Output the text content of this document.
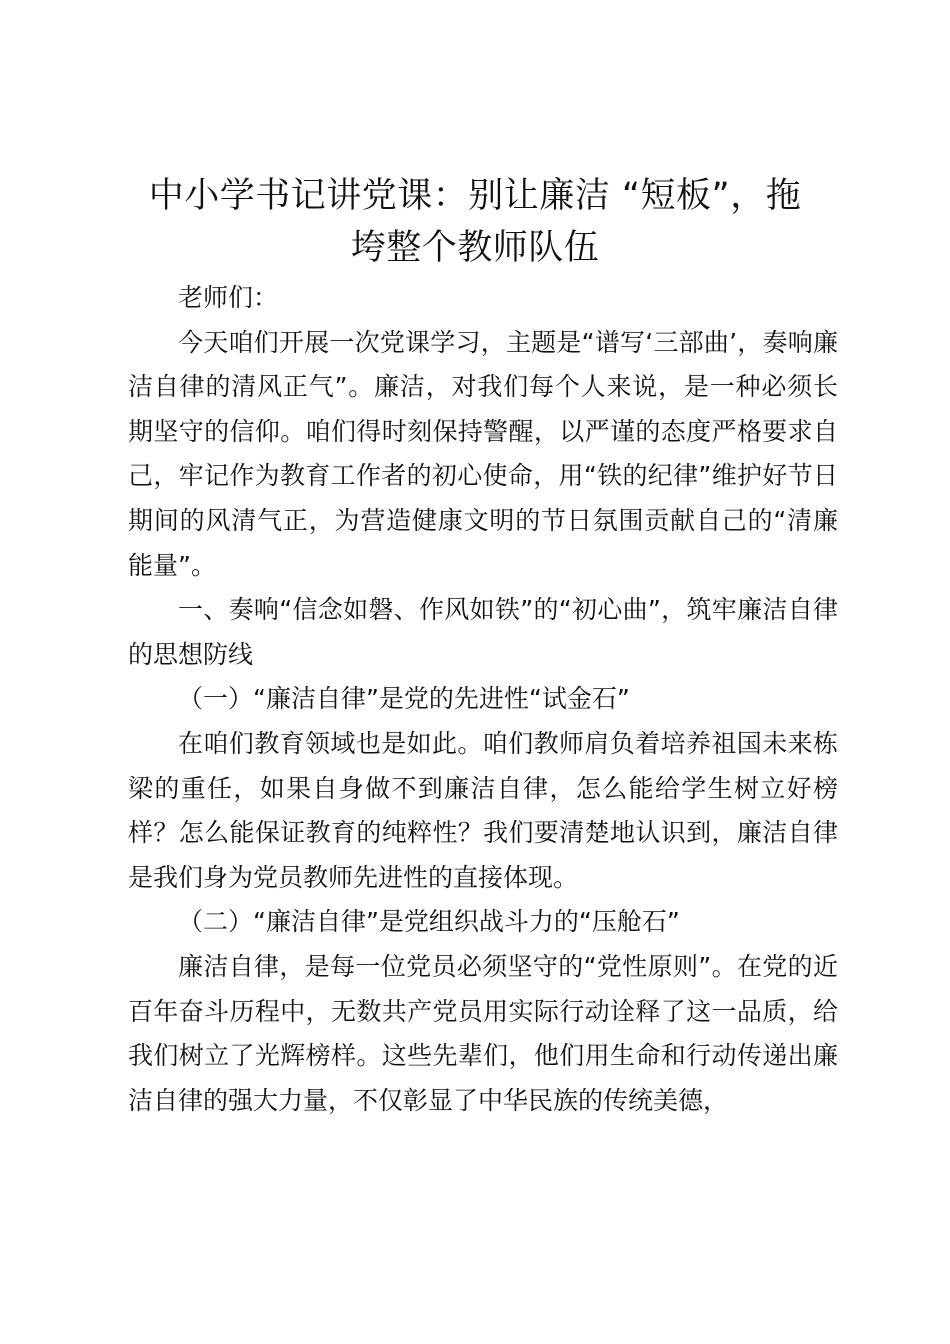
中小学书记讲党课：别让廉洁 “短板”，拖
垮整个教师队伍

老师们：

今天咱们开展一次党课学习，主题是“谱写‘三部曲’，奏响廉洁自律的清风正气”。廉洁，对我们每个人来说，是一种必须长期坚守的信仰。咱们得时刻保持警醒，以严谨的态度严格要求自己，牢记作为教育工作者的初心使命，用“铁的纪律”维护好节日期间的风清气正，为营造健康文明的节日氛围贡献自己的“清廉能量”。

一、奏响“信念如磐、作风如铁”的“初心曲”，筑牢廉洁自律的思想防线

（一）“廉洁自律”是党的先进性“试金石”

在咱们教育领域也是如此。咱们教师肩负着培养祖国未来栋梁的重任，如果自身做不到廉洁自律，怎么能给学生树立好榜样？怎么能保证教育的纯粹性？我们要清楚地认识到，廉洁自律是我们身为党员教师先进性的直接体现。

（二）“廉洁自律”是党组织战斗力的“压舱石”

廉洁自律，是每一位党员必须坚守的“党性原则”。在党的近百年奋斗历程中，无数共产党员用实际行动诠释了这一品质，给我们树立了光辉榜样。这些先辈们，他们用生命和行动传递出廉洁自律的强大力量，不仅彰显了中华民族的传统美德，
